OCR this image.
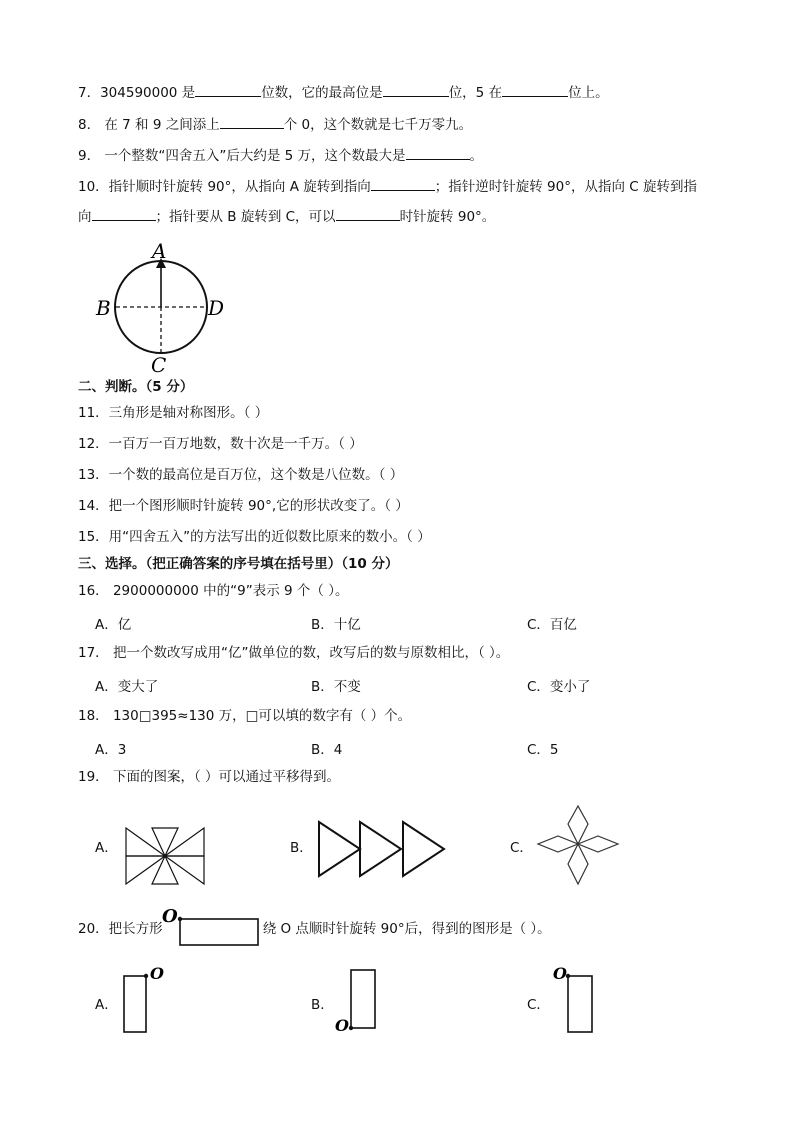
7．304590000 是	位数，它的最高位是	位，5 在	位上。
8． 在 7 和 9 之间添上	个 0，这个数就是七千万零九。
9． 一个整数“四舍五入”后大约是 5 万，这个数最大是	。
10．指针顺时针旋转 90°，从指向 A 旋转到指向	；指针逆时针旋转 90°，从指向 C 旋转到指
向	；指针要从 B 旋转到 C，可以	时针旋转 90°。
A
B	D
C
二、判断。（5 分）
11．三角形是轴对称图形。（ ）
12．一百万一百万地数，数十次是一千万。（ ）
13．一个数的最高位是百万位，这个数是八位数。（ ）
14．把一个图形顺时针旋转 90°,它的形状改变了。（ ）
15．用“四舍五入”的方法写出的近似数比原来的数小。（ ）
三、选择。（把正确答案的序号填在括号里）（10 分）
16． 2900000000 中的“9”表示 9 个（ ）。
A．亿	B．十亿	C．百亿
17． 把一个数改写成用“亿”做单位的数，改写后的数与原数相比，（ ）。
A．变大了	B．不变	C．变小了
18． 130□395≈130 万，□可以填的数字有（ ）个。
A．3	B．4	C．5
19． 下面的图案，（ ）可以通过平移得到。
A．	B．	C．
20．把长方形	绕 O 点顺时针旋转 90°后，得到的图形是（ ）。
O
A．
O
B．
O
C．
O
